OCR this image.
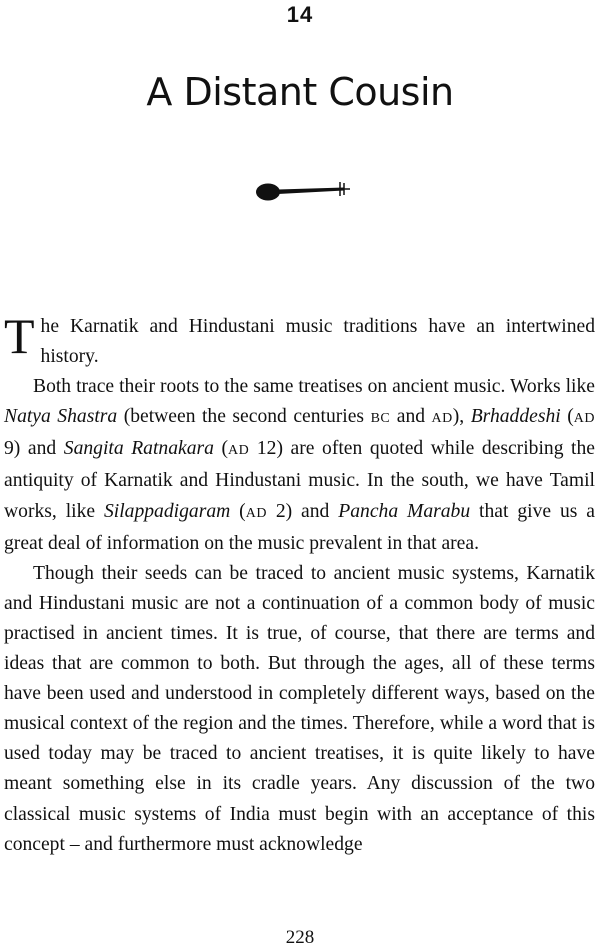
14
A Distant Cousin

The Karnatik and Hindustani music traditions have an intertwined history.

Both trace their roots to the same treatises on ancient music. Works like Natya Shastra (between the second centuries BC and AD), Brhaddeshi (AD 9) and Sangita Ratnakara (AD 12) are often quoted while describing the antiquity of Karnatik and Hindustani music. In the south, we have Tamil works, like Silappadigaram (AD 2) and Pancha Marabu that give us a great deal of information on the music prevalent in that area.

Though their seeds can be traced to ancient music systems, Karnatik and Hindustani music are not a continuation of a common body of music practised in ancient times. It is true, of course, that there are terms and ideas that are common to both. But through the ages, all of these terms have been used and understood in completely different ways, based on the musical context of the region and the times. Therefore, while a word that is used today may be traced to ancient treatises, it is quite likely to have meant something else in its cradle years. Any discussion of the two classical music systems of India must begin with an acceptance of this concept – and furthermore must acknowledge

228
